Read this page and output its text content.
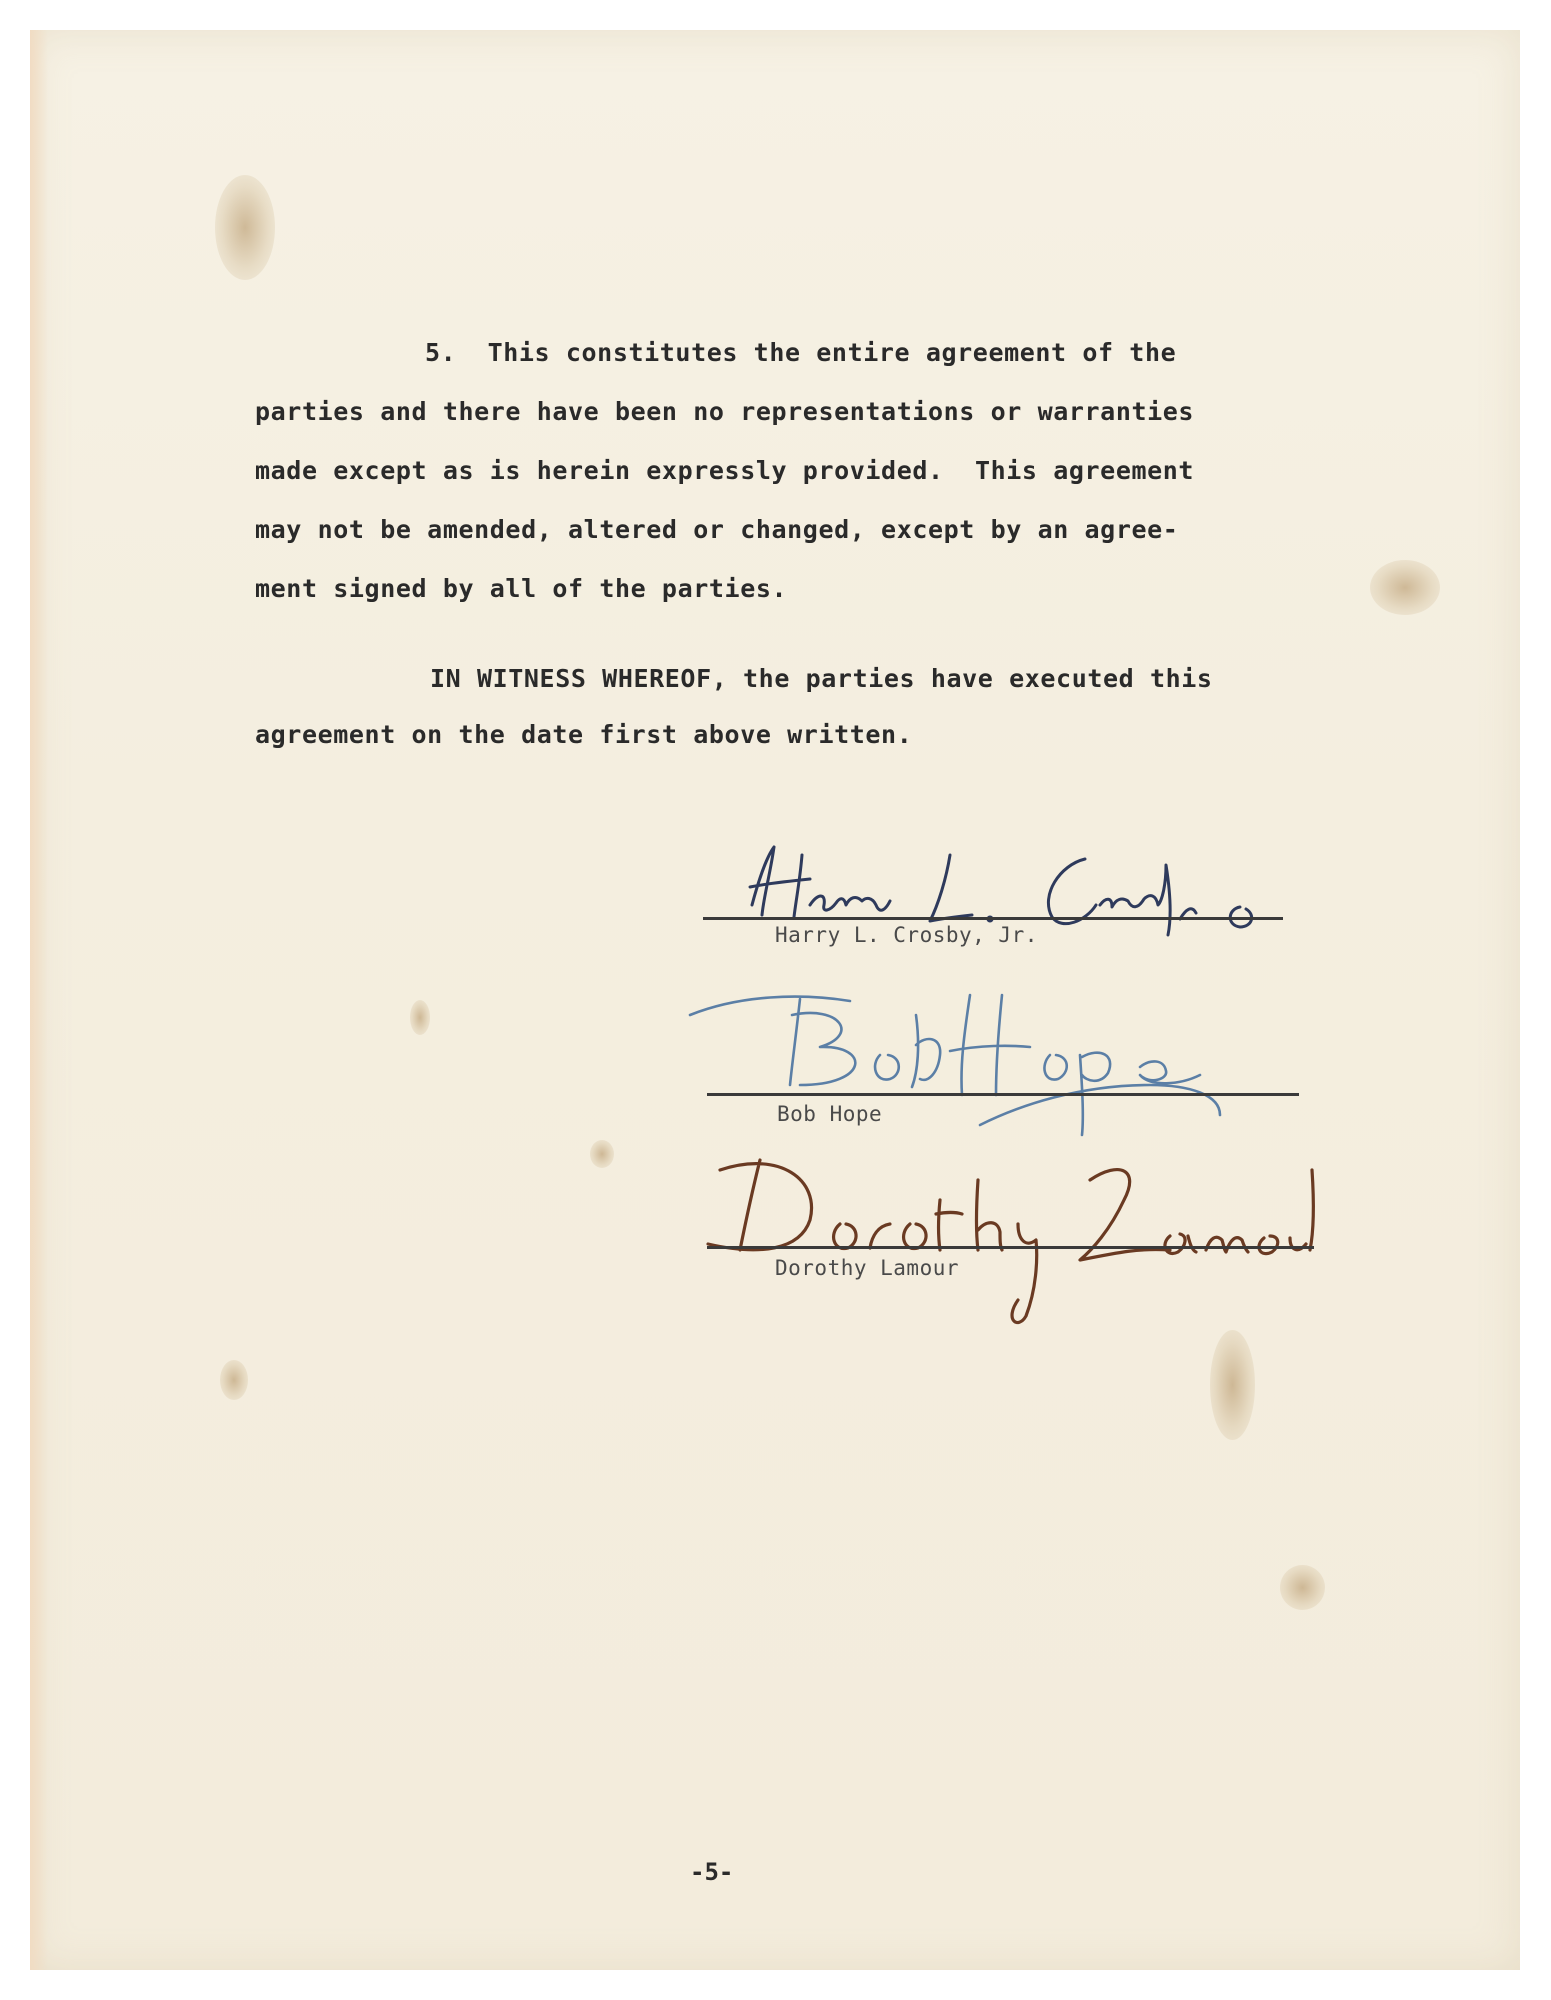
5.  This constitutes the entire agreement of the
parties and there have been no representations or warranties
made except as is herein expressly provided.  This agreement
may not be amended, altered or changed, except by an agree-
ment signed by all of the parties.
IN WITNESS WHEREOF, the parties have executed this
agreement on the date first above written.
Harry L. Crosby, Jr.
Bob Hope
Dorothy Lamour
-5-
